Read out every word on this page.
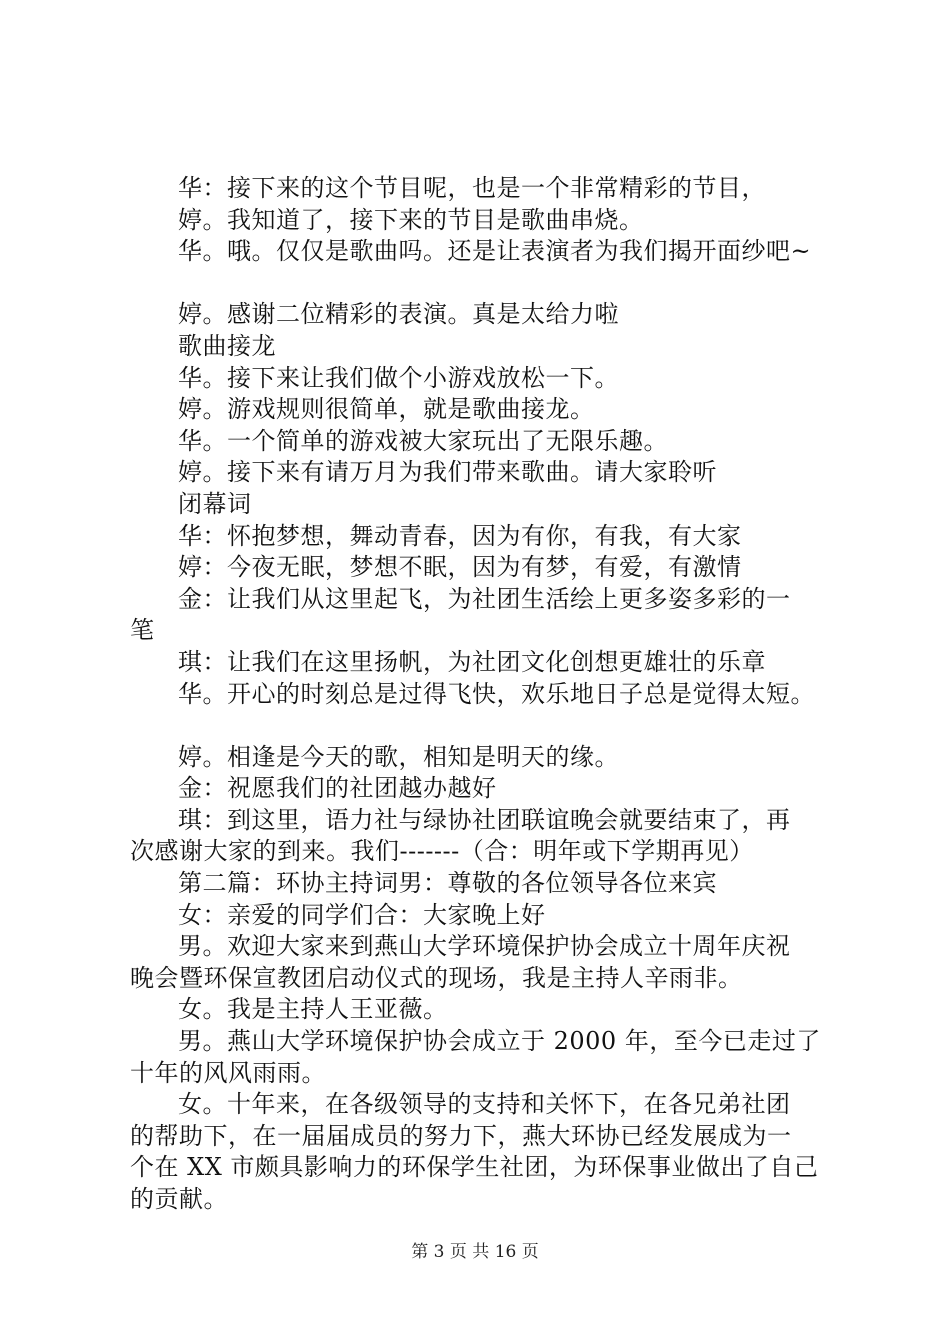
华：接下来的这个节目呢，也是一个非常精彩的节目，
婷。我知道了，接下来的节目是歌曲串烧。
华。哦。仅仅是歌曲吗。还是让表演者为我们揭开面纱吧~
婷。感谢二位精彩的表演。真是太给力啦
歌曲接龙
华。接下来让我们做个小游戏放松一下。
婷。游戏规则很简单，就是歌曲接龙。
华。一个简单的游戏被大家玩出了无限乐趣。
婷。接下来有请万月为我们带来歌曲。请大家聆听
闭幕词
华：怀抱梦想，舞动青春，因为有你，有我，有大家
婷：今夜无眠，梦想不眠，因为有梦，有爱，有激情
金：让我们从这里起飞，为社团生活绘上更多姿多彩的一
笔
琪：让我们在这里扬帆，为社团文化创想更雄壮的乐章
华。开心的时刻总是过得飞快，欢乐地日子总是觉得太短。
婷。相逢是今天的歌，相知是明天的缘。
金：祝愿我们的社团越办越好
琪：到这里，语力社与绿协社团联谊晚会就要结束了，再
次感谢大家的到来。我们-------（合：明年或下学期再见）
第二篇：环协主持词男：尊敬的各位领导各位来宾
女：亲爱的同学们合：大家晚上好
男。欢迎大家来到燕山大学环境保护协会成立十周年庆祝
晚会暨环保宣教团启动仪式的现场，我是主持人辛雨非。
女。我是主持人王亚薇。
男。燕山大学环境保护协会成立于 2000 年，至今已走过了
十年的风风雨雨。
女。十年来，在各级领导的支持和关怀下，在各兄弟社团
的帮助下，在一届届成员的努力下，燕大环协已经发展成为一
个在 XX 市颇具影响力的环保学生社团，为环保事业做出了自己
的贡献。
第 3 页 共 16 页
